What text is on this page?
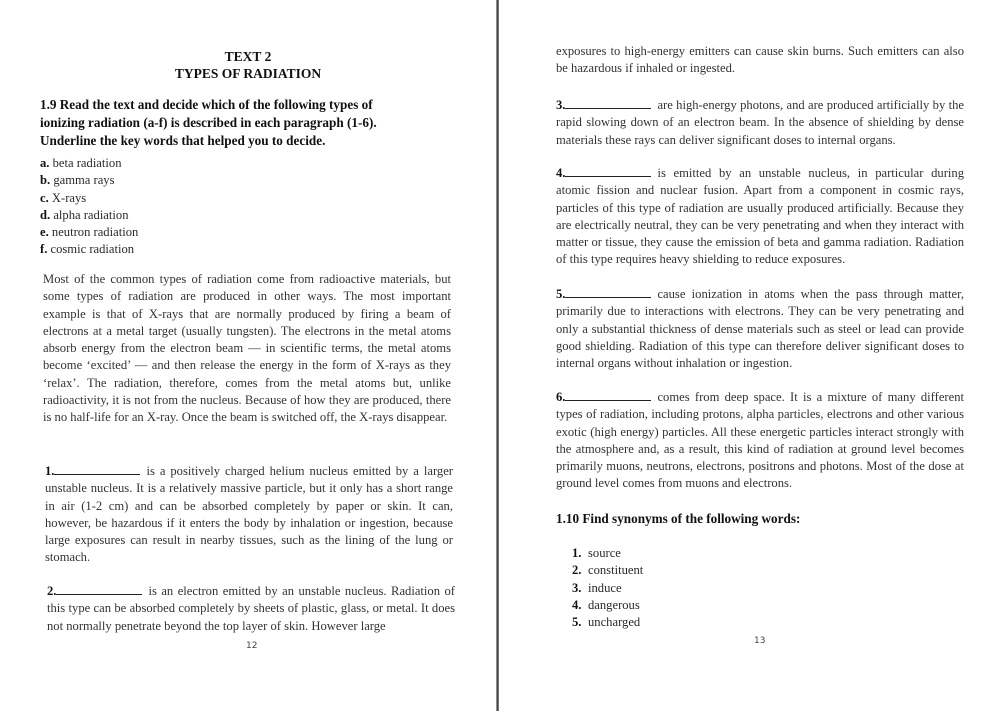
TEXT 2
TYPES OF RADIATION
1.9 Read the text and decide which of the following types of ionizing radiation (a-f) is described in each paragraph (1-6). Underline the key words that helped you to decide.
a. beta radiation
b. gamma rays
c. X-rays
d. alpha radiation
e. neutron radiation
f. cosmic radiation
Most of the common types of radiation come from radioactive materials, but some types of radiation are produced in other ways. The most important example is that of X-rays that are normally produced by firing a beam of electrons at a metal target (usually tungsten). The electrons in the metal atoms absorb energy from the electron beam — in scientific terms, the metal atoms become ‘excited’ — and then release the energy in the form of X-rays as they ‘relax’. The radiation, therefore, comes from the metal atoms but, unlike radioactivity, it is not from the nucleus. Because of how they are produced, there is no half-life for an X-ray. Once the beam is switched off, the X-rays disappear.
1.	is a positively charged helium nucleus emitted by a larger unstable nucleus. It is a relatively massive particle, but it only has a short range in air (1-2 cm) and can be absorbed completely by paper or skin. It can, however, be hazardous if it enters the body by inhalation or ingestion, because large exposures can result in nearby tissues, such as the lining of the lung or stomach.
2.	is an electron emitted by an unstable nucleus. Radiation of this type can be absorbed completely by sheets of plastic, glass, or metal. It does not normally penetrate beyond the top layer of skin. However large
12
exposures to high-energy emitters can cause skin burns. Such emitters can also be hazardous if inhaled or ingested.
3.	are high-energy photons, and are produced artificially by the rapid slowing down of an electron beam. In the absence of shielding by dense materials these rays can deliver significant doses to internal organs.
4.	is emitted by an unstable nucleus, in particular during atomic fission and nuclear fusion. Apart from a component in cosmic rays, particles of this type of radiation are usually produced artificially. Because they are electrically neutral, they can be very penetrating and when they interact with matter or tissue, they cause the emission of beta and gamma radiation. Radiation of this type requires heavy shielding to reduce exposures.
5.	cause ionization in atoms when the pass through matter, primarily due to interactions with electrons. They can be very penetrating and only a substantial thickness of dense materials such as steel or lead can provide good shielding. Radiation of this type can therefore deliver significant doses to internal organs without inhalation or ingestion.
6.	comes from deep space. It is a mixture of many different types of radiation, including protons, alpha particles, electrons and other various exotic (high energy) particles. All these energetic particles interact strongly with the atmosphere and, as a result, this kind of radiation at ground level becomes primarily muons, neutrons, electrons, positrons and photons. Most of the dose at ground level comes from muons and electrons.
1.10 Find synonyms of the following words:
1. source
2. constituent
3. induce
4. dangerous
5. uncharged
13
